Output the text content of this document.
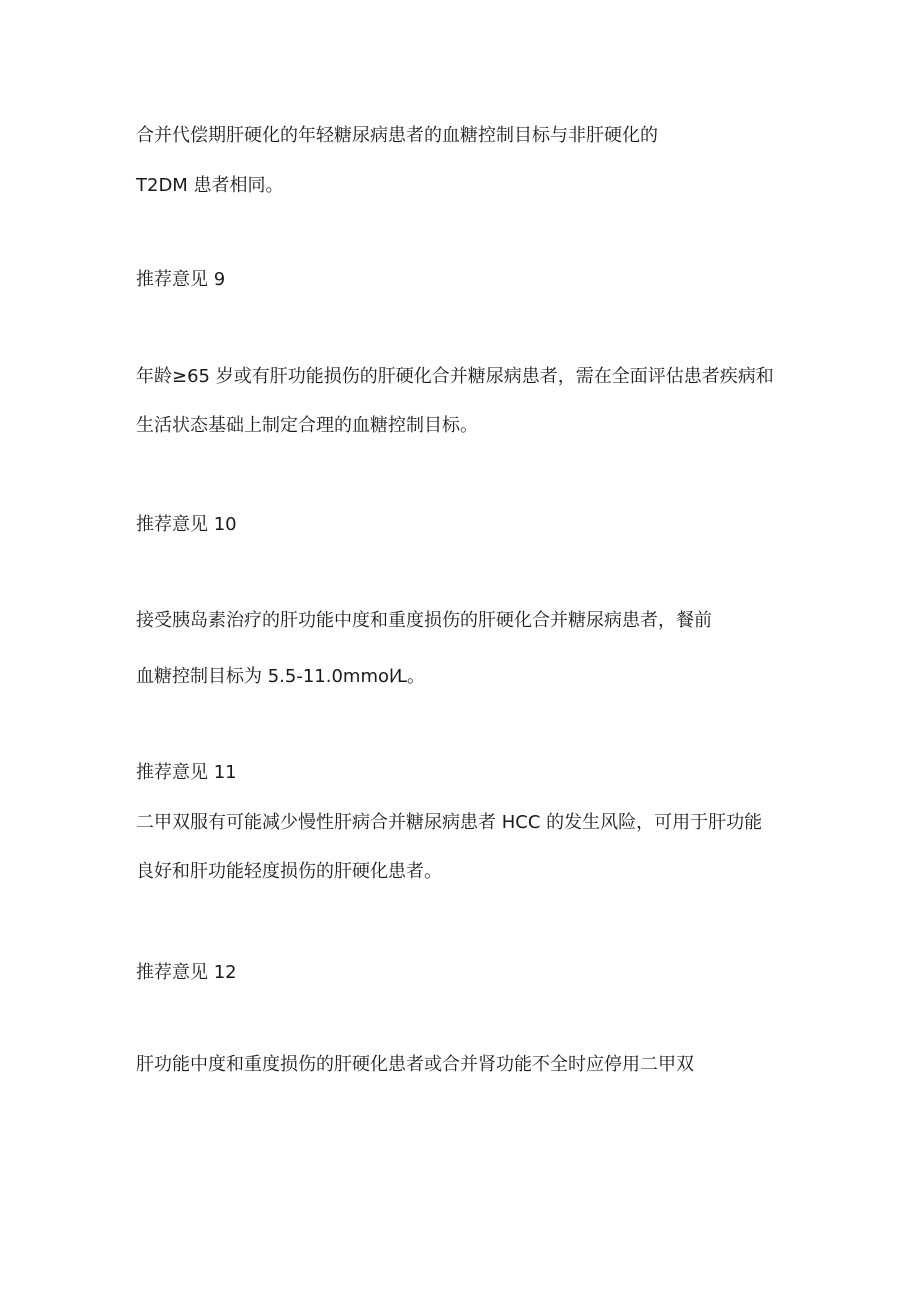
合并代偿期肝硬化的年轻糖尿病患者的血糖控制目标与非肝硬化的

T2DM 患者相同。

推荐意见 9

年龄≥65 岁或有肝功能损伤的肝硬化合并糖尿病患者，需在全面评估患者疾病和

生活状态基础上制定合理的血糖控制目标。

推荐意见 10

接受胰岛素治疗的肝功能中度和重度损伤的肝硬化合并糖尿病患者，餐前

血糖控制目标为 5.5-11.0mmol⁄L。

推荐意见 11

二甲双服有可能减少慢性肝病合并糖尿病患者 HCC 的发生风险，可用于肝功能

良好和肝功能轻度损伤的肝硬化患者。

推荐意见 12

肝功能中度和重度损伤的肝硬化患者或合并肾功能不全时应停用二甲双
